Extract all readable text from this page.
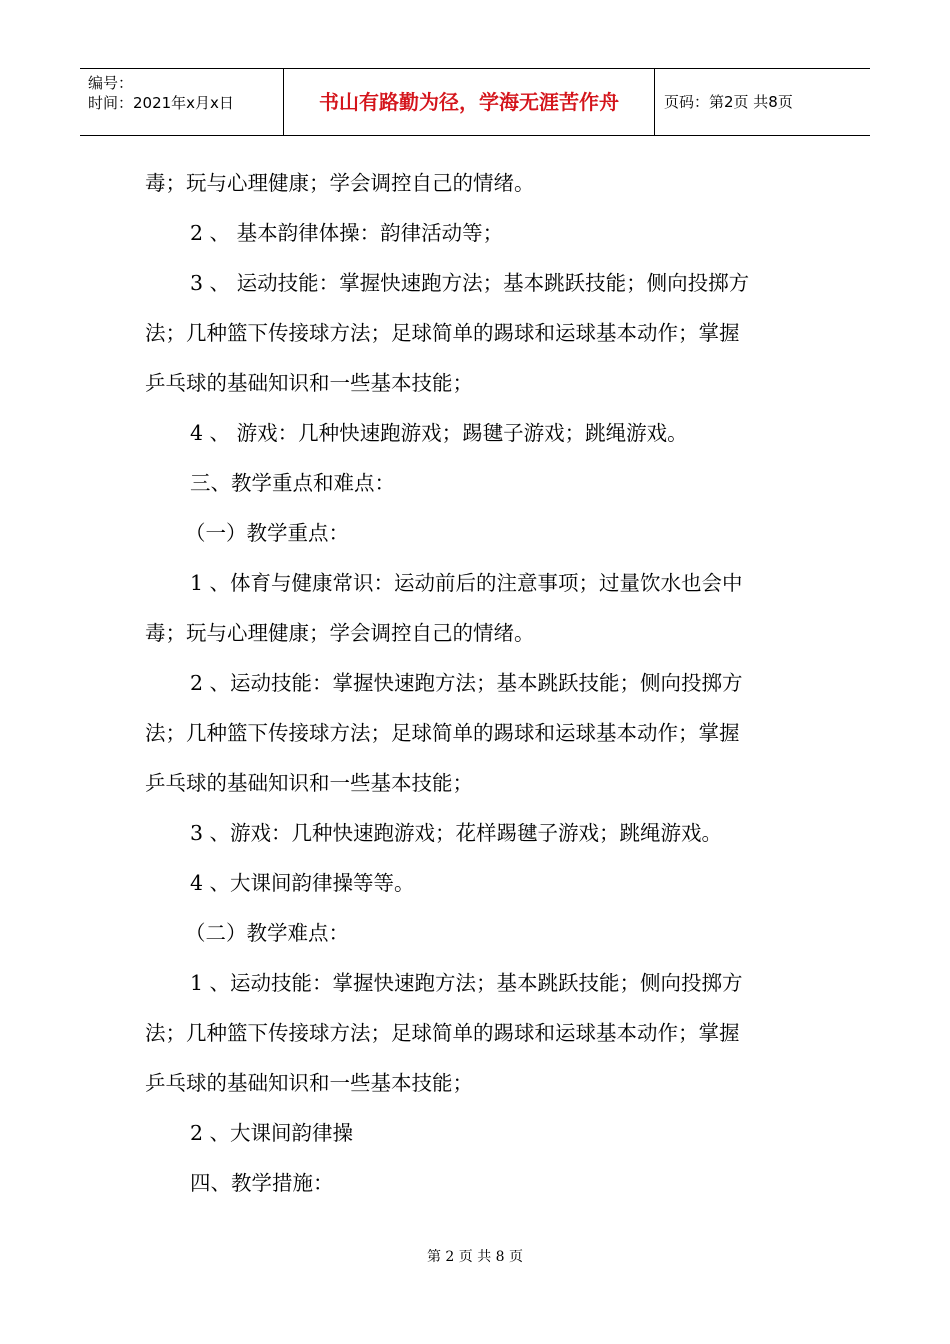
编号：
时间：2021年x月x日	书山有路勤为径，学海无涯苦作舟	页码：第2页 共8页

毒；玩与心理健康；学会调控自己的情绪。

2 、 基本韵律体操：韵律活动等；

3 、 运动技能：掌握快速跑方法；基本跳跃技能；侧向投掷方

法；几种篮下传接球方法；足球简单的踢球和运球基本动作；掌握

乒乓球的基础知识和一些基本技能；

4 、 游戏：几种快速跑游戏；踢毽子游戏；跳绳游戏。

三、教学重点和难点：

（一）教学重点：

1 、体育与健康常识：运动前后的注意事项；过量饮水也会中

毒；玩与心理健康；学会调控自己的情绪。

2 、运动技能：掌握快速跑方法；基本跳跃技能；侧向投掷方

法；几种篮下传接球方法；足球简单的踢球和运球基本动作；掌握

乒乓球的基础知识和一些基本技能；

3 、游戏：几种快速跑游戏；花样踢毽子游戏；跳绳游戏。

4 、大课间韵律操等等。

（二）教学难点：

1 、运动技能：掌握快速跑方法；基本跳跃技能；侧向投掷方

法；几种篮下传接球方法；足球简单的踢球和运球基本动作；掌握

乒乓球的基础知识和一些基本技能；

2 、大课间韵律操

四、教学措施：

第 2 页 共 8 页
